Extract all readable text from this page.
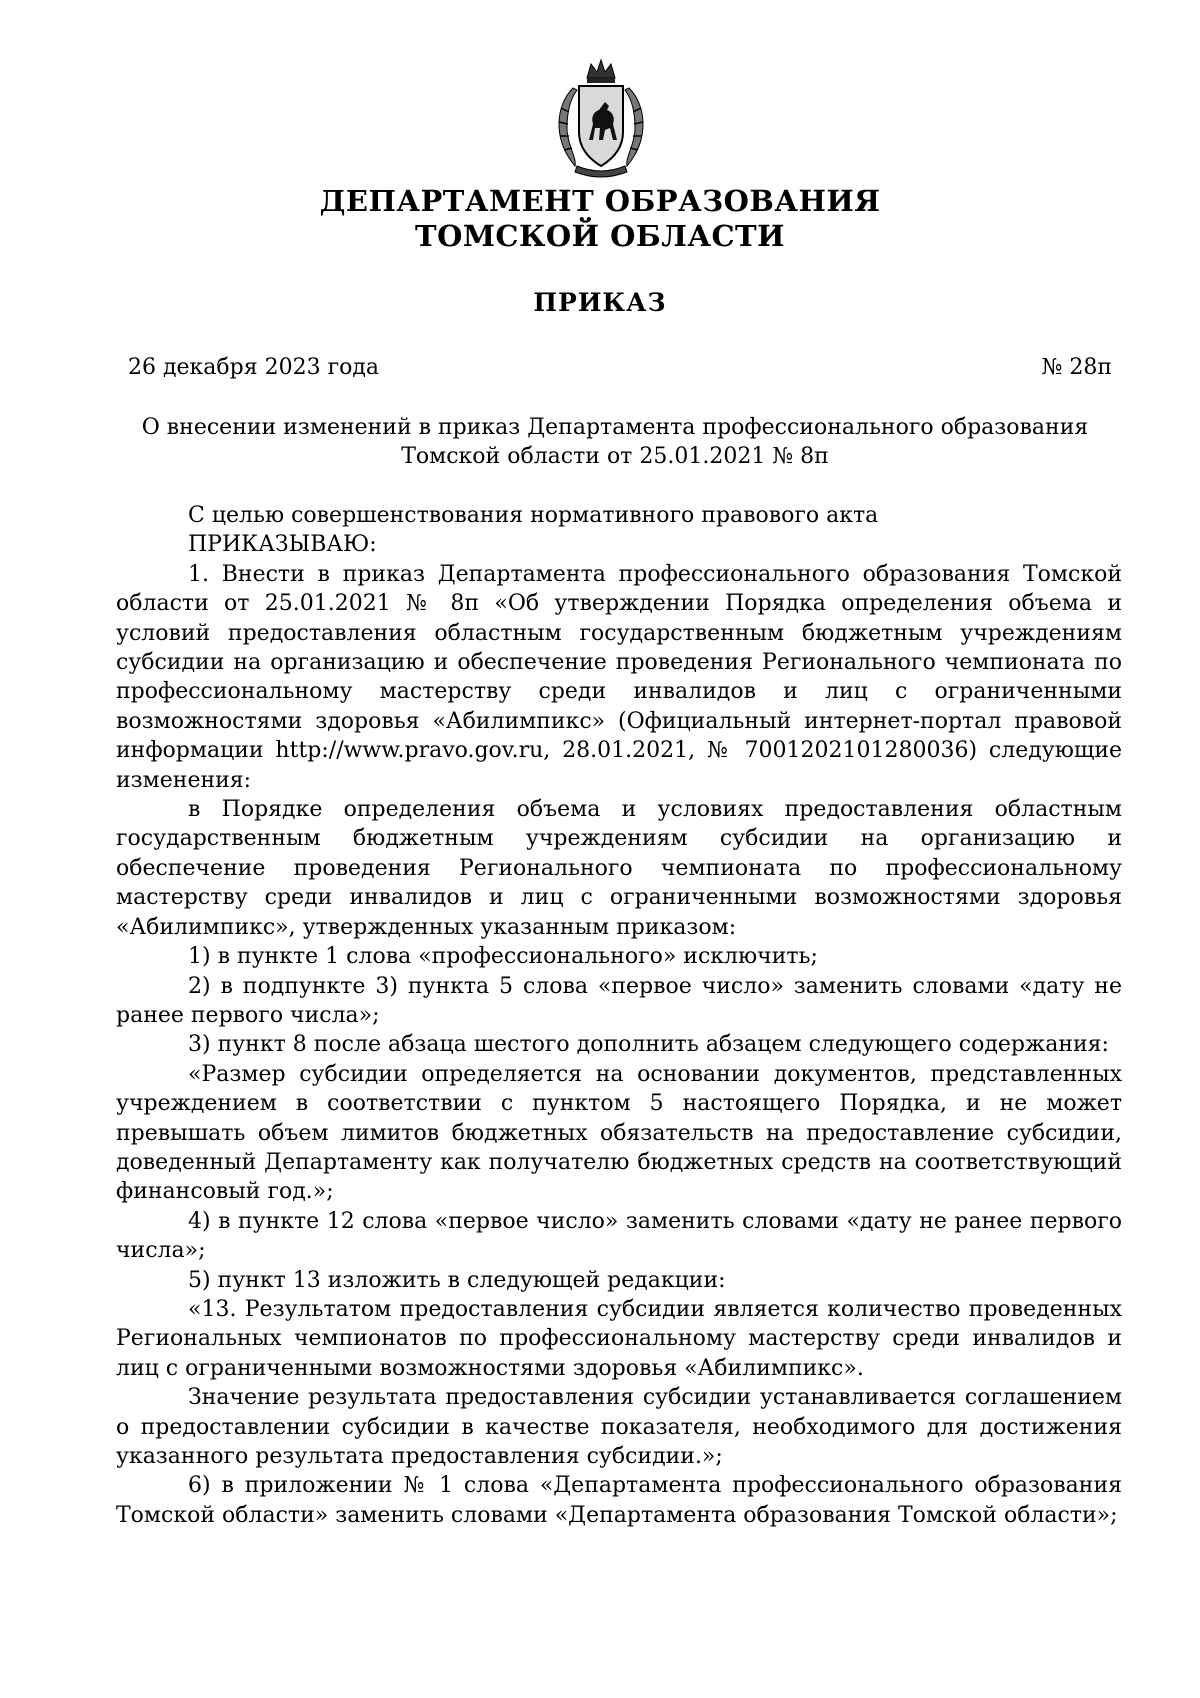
ДЕПАРТАМЕНТ ОБРАЗОВАНИЯ
ТОМСКОЙ ОБЛАСТИ
ПРИКАЗ
26 декабря 2023 года	№ 28п
О внесении изменений в приказ Департамента профессионального образования Томской области от 25.01.2021 № 8п

С целью совершенствования нормативного правового акта

ПРИКАЗЫВАЮ:

1. Внести в приказ Департамента профессионального образования Томской области от 25.01.2021 № 8п «Об утверждении Порядка определения объема и условий предоставления областным государственным бюджетным учреждениям субсидии на организацию и обеспечение проведения Регионального чемпионата по профессиональному мастерству среди инвалидов и лиц с ограниченными возможностями здоровья «Абилимпикс» (Официальный интернет-портал правовой информации http://www.pravo.gov.ru, 28.01.2021, № 7001202101280036) следующие изменения:

в Порядке определения объема и условиях предоставления областным государственным бюджетным учреждениям субсидии на организацию и обеспечение проведения Регионального чемпионата по профессиональному мастерству среди инвалидов и лиц с ограниченными возможностями здоровья «Абилимпикс», утвержденных указанным приказом:

1) в пункте 1 слова «профессионального» исключить;

2) в подпункте 3) пункта 5 слова «первое число» заменить словами «дату не ранее первого числа»;

3) пункт 8 после абзаца шестого дополнить абзацем следующего содержания:

«Размер субсидии определяется на основании документов, представленных учреждением в соответствии с пунктом 5 настоящего Порядка, и не может превышать объем лимитов бюджетных обязательств на предоставление субсидии, доведенный Департаменту как получателю бюджетных средств на соответствующий финансовый год.»;

4) в пункте 12 слова «первое число» заменить словами «дату не ранее первого числа»;

5) пункт 13 изложить в следующей редакции:

«13. Результатом предоставления субсидии является количество проведенных Региональных чемпионатов по профессиональному мастерству среди инвалидов и лиц с ограниченными возможностями здоровья «Абилимпикс».

Значение результата предоставления субсидии устанавливается соглашением о предоставлении субсидии в качестве показателя, необходимого для достижения указанного результата предоставления субсидии.»;

6) в приложении № 1 слова «Департамента профессионального образования Томской области» заменить словами «Департамента образования Томской области»;
